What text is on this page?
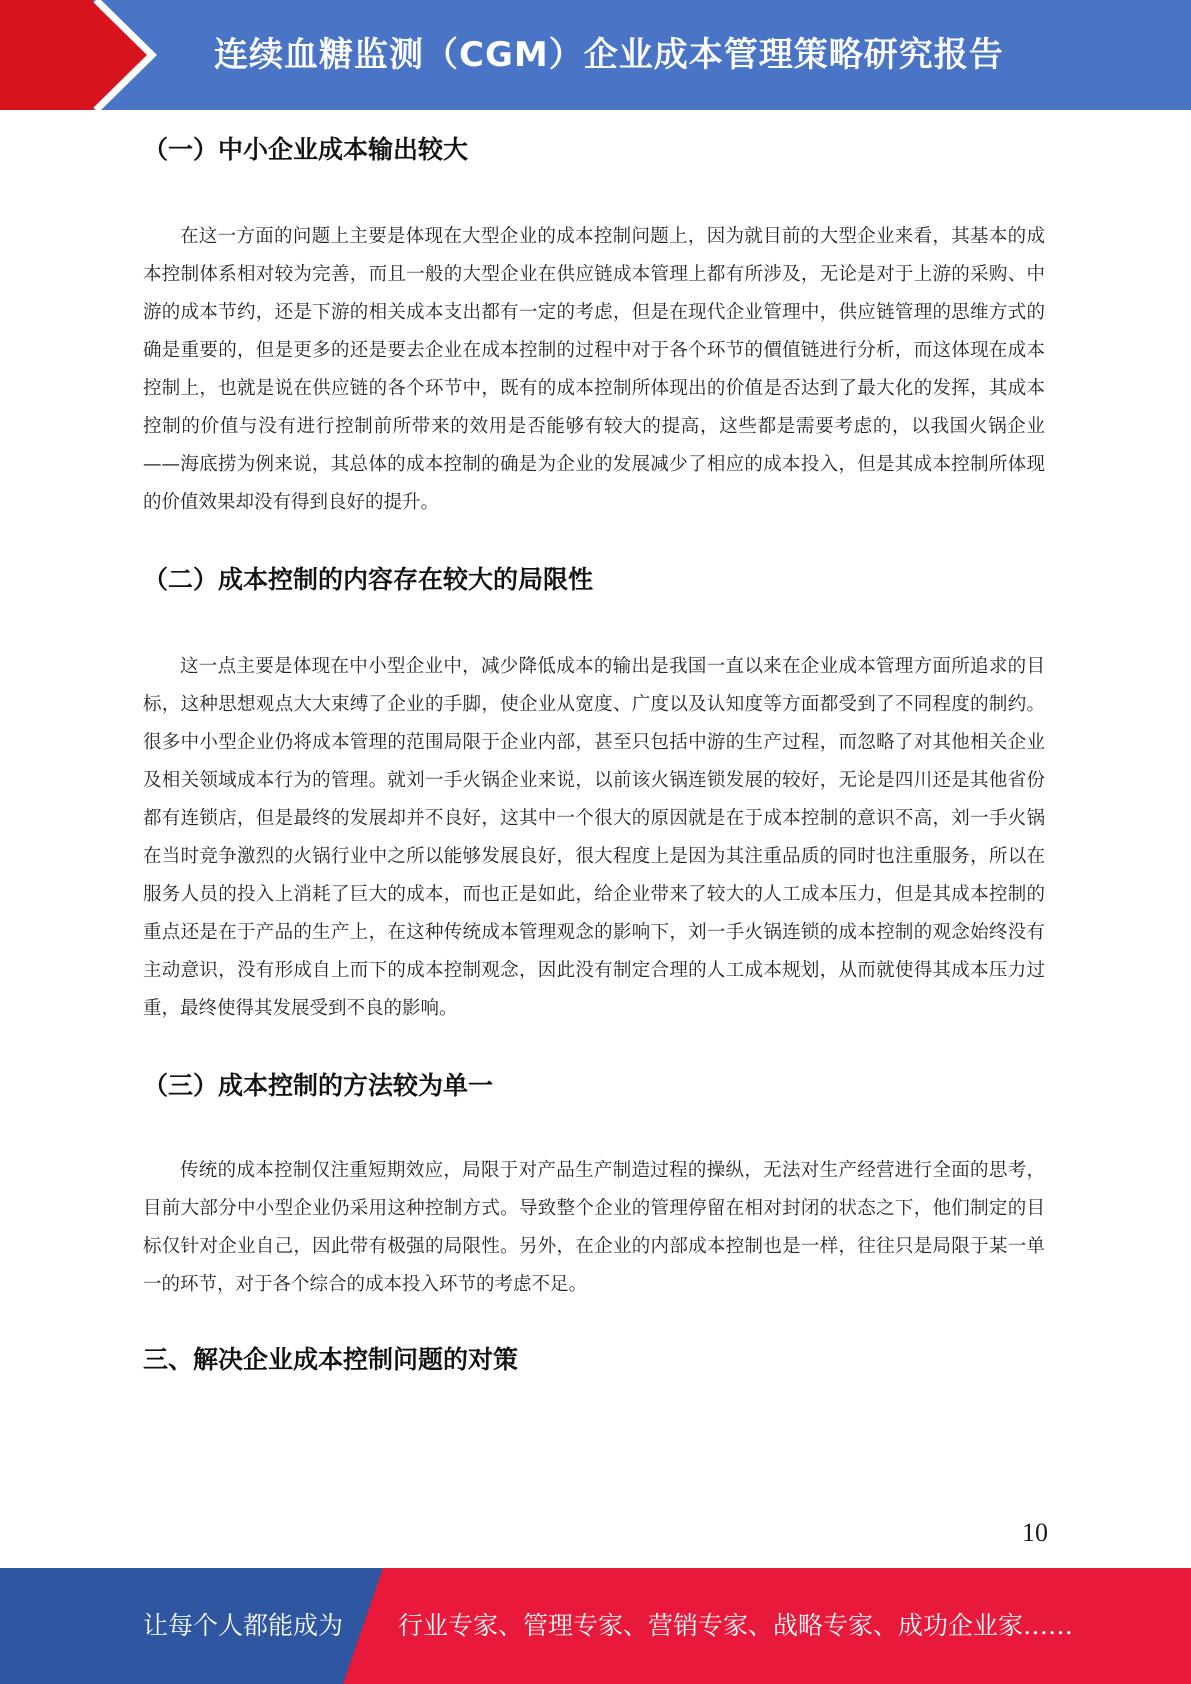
连续血糖监测（CGM）企业成本管理策略研究报告
（一）中小企业成本输出较大

在这一方面的问题上主要是体现在大型企业的成本控制问题上，因为就目前的大型企业来看，其基本的成本控制体系相对较为完善，而且一般的大型企业在供应链成本管理上都有所涉及，无论是对于上游的采购、中游的成本节约，还是下游的相关成本支出都有一定的考虑，但是在现代企业管理中，供应链管理的思维方式的确是重要的，但是更多的还是要去企业在成本控制的过程中对于各个环节的價值链进行分析，而这体现在成本控制上，也就是说在供应链的各个环节中，既有的成本控制所体现出的价值是否达到了最大化的发挥，其成本控制的价值与没有进行控制前所带来的效用是否能够有较大的提高，这些都是需要考虑的，以我国火锅企业——海底捞为例来说，其总体的成本控制的确是为企业的发展减少了相应的成本投入，但是其成本控制所体现的价值效果却没有得到良好的提升。

（二）成本控制的内容存在较大的局限性

这一点主要是体现在中小型企业中，减少降低成本的输出是我国一直以来在企业成本管理方面所追求的目标，这种思想观点大大束缚了企业的手脚，使企业从宽度、广度以及认知度等方面都受到了不同程度的制约。很多中小型企业仍将成本管理的范围局限于企业内部，甚至只包括中游的生产过程，而忽略了对其他相关企业及相关领域成本行为的管理。就刘一手火锅企业来说，以前该火锅连锁发展的较好，无论是四川还是其他省份都有连锁店，但是最终的发展却并不良好，这其中一个很大的原因就是在于成本控制的意识不高，刘一手火锅在当时竞争激烈的火锅行业中之所以能够发展良好，很大程度上是因为其注重品质的同时也注重服务，所以在服务人员的投入上消耗了巨大的成本，而也正是如此，给企业带来了较大的人工成本压力，但是其成本控制的重点还是在于产品的生产上，在这种传统成本管理观念的影响下，刘一手火锅连锁的成本控制的观念始终没有主动意识，没有形成自上而下的成本控制观念，因此没有制定合理的人工成本规划，从而就使得其成本压力过重，最终使得其发展受到不良的影响。

（三）成本控制的方法较为单一

传统的成本控制仅注重短期效应，局限于对产品生产制造过程的操纵，无法对生产经营进行全面的思考，目前大部分中小型企业仍采用这种控制方式。导致整个企业的管理停留在相对封闭的状态之下，他们制定的目标仅针对企业自己，因此带有极强的局限性。另外，在企业的内部成本控制也是一样，往往只是局限于某一单一的环节，对于各个综合的成本投入环节的考虑不足。

三、解决企业成本控制问题的对策
10
让每个人都能成为 行业专家、管理专家、营销专家、战略专家、成功企业家……
